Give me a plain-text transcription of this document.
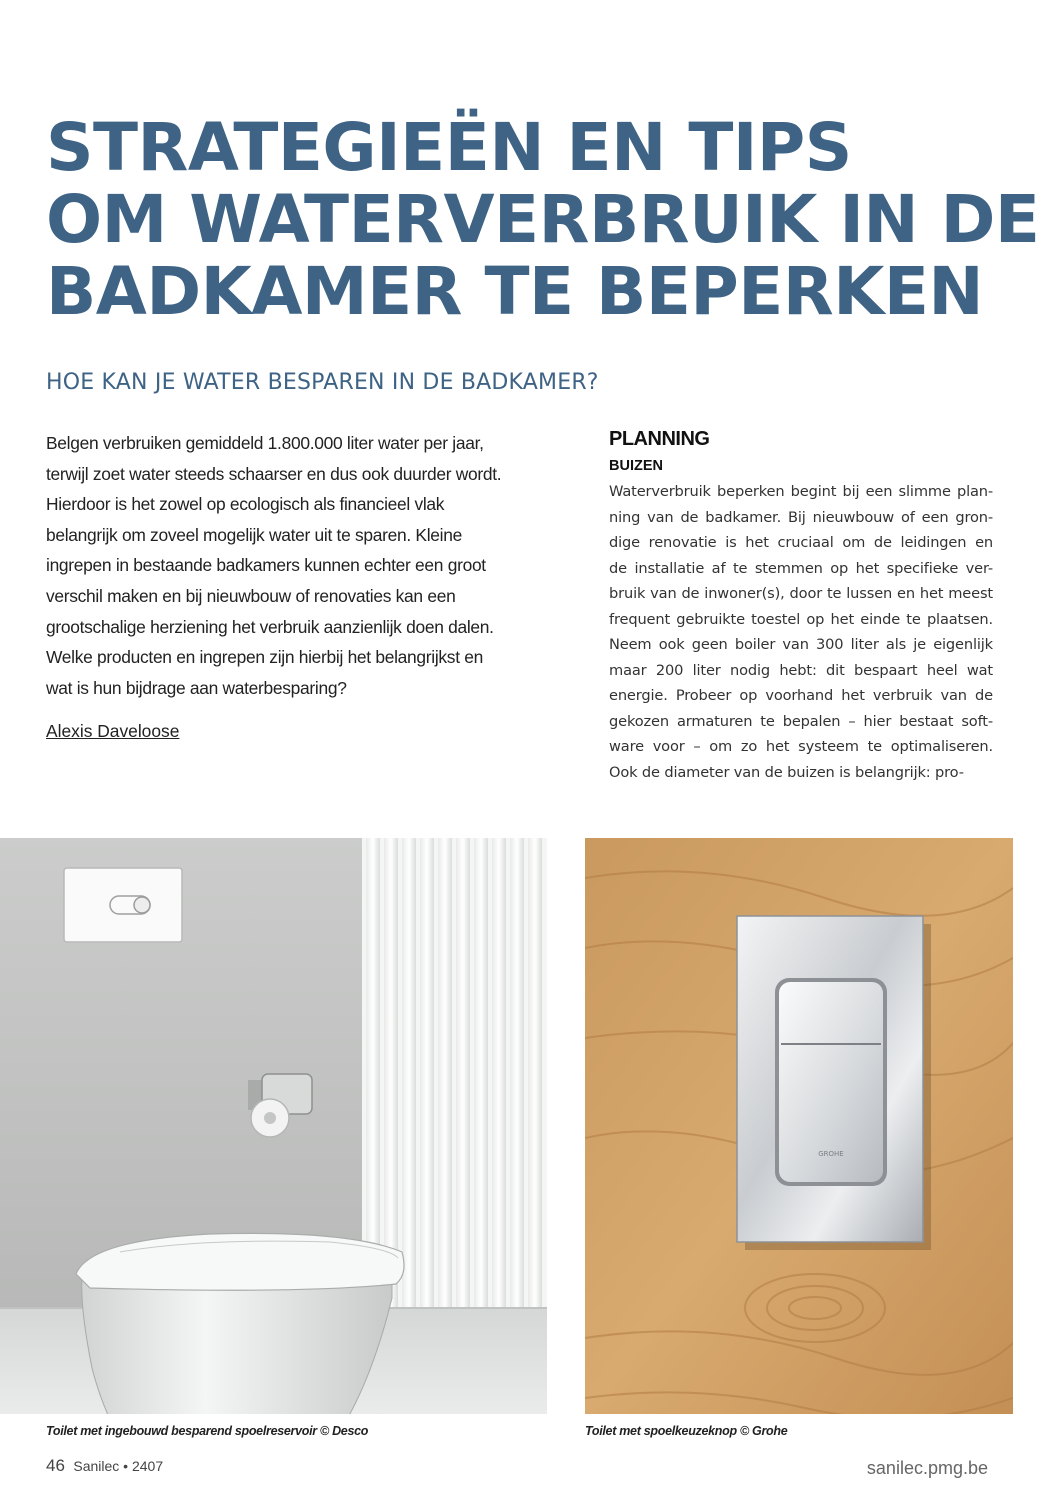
STRATEGIEËN EN TIPS
OM WATERVERBRUIK IN DE
BADKAMER TE BEPERKEN
HOE KAN JE WATER BESPAREN IN DE BADKAMER?
Belgen verbruiken gemiddeld 1.800.000 liter water per jaar,
terwijl zoet water steeds schaarser en dus ook duurder wordt.
Hierdoor is het zowel op ecologisch als financieel vlak
belangrijk om zoveel mogelijk water uit te sparen. Kleine
ingrepen in bestaande badkamers kunnen echter een groot
verschil maken en bij nieuwbouw of renovaties kan een
grootschalige herziening het verbruik aanzienlijk doen dalen.
Welke producten en ingrepen zijn hierbij het belangrijkst en
wat is hun bijdrage aan waterbesparing?
Alexis Daveloose
PLANNING
BUIZEN
Waterverbruik beperken begint bij een slimme plan-
ning van de badkamer. Bij nieuwbouw of een gron-
dige renovatie is het cruciaal om de leidingen en
de installatie af te stemmen op het specifieke ver-
bruik van de inwoner(s), door te lussen en het meest
frequent gebruikte toestel op het einde te plaatsen.
Neem ook geen boiler van 300 liter als je eigenlijk
maar 200 liter nodig hebt: dit bespaart heel wat
energie. Probeer op voorhand het verbruik van de
gekozen armaturen te bepalen – hier bestaat soft-
ware voor – om zo het systeem te optimaliseren.
Ook de diameter van de buizen is belangrijk: pro-
GROHE
Toilet met ingebouwd besparend spoelreservoir © Desco	Toilet met spoelkeuzeknop © Grohe
46 Sanilec • 2407	sanilec.pmg.be
